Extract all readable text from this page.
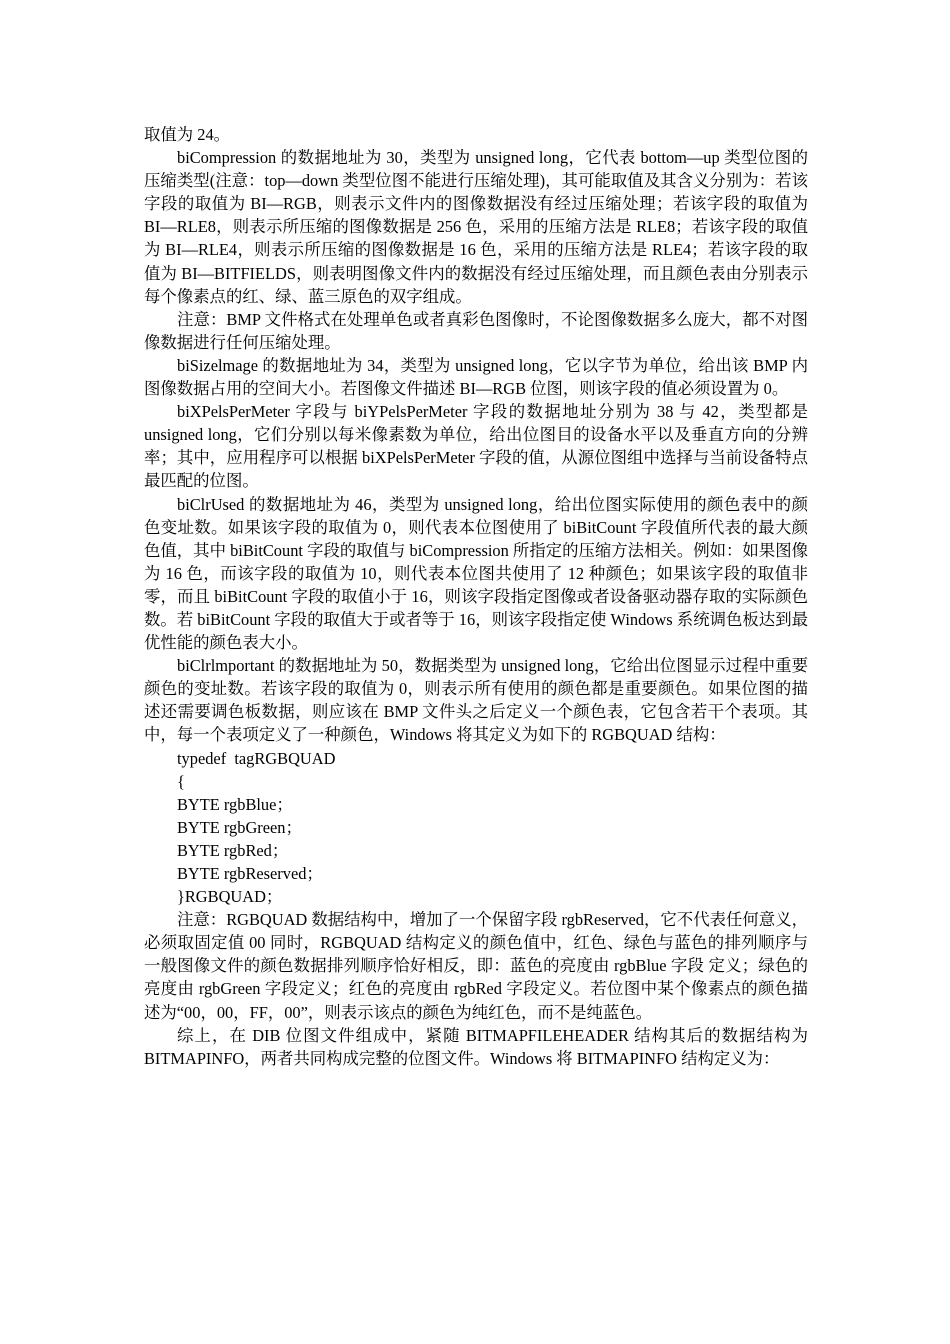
取值为 24。

biCompression 的数据地址为 30，类型为 unsigned long，它代表 bottom—up 类型位图的压缩类型(注意：top—down 类型位图不能进行压缩处理)，其可能取值及其含义分别为：若该字段的取值为 BI—RGB，则表示文件内的图像数据没有经过压缩处理；若该字段的取值为 BI—RLE8，则表示所压缩的图像数据是 256 色，采用的压缩方法是 RLE8；若该字段的取值为 BI—RLE4，则表示所压缩的图像数据是 16 色，采用的压缩方法是 RLE4；若该字段的取值为 BI—BITFIELDS，则表明图像文件内的数据没有经过压缩处理，而且颜色表由分别表示每个像素点的红、绿、蓝三原色的双字组成。

注意：BMP 文件格式在处理单色或者真彩色图像时，不论图像数据多么庞大，都不对图像数据进行任何压缩处理。

biSizelmage 的数据地址为 34，类型为 unsigned long，它以字节为单位，给出该 BMP 内图像数据占用的空间大小。若图像文件描述 BI—RGB 位图，则该字段的值必须设置为 0。

biXPelsPerMeter 字段与 biYPelsPerMeter 字段的数据地址分别为 38 与 42，类型都是 unsigned long，它们分别以每米像素数为单位，给出位图目的设备水平以及垂直方向的分辨率；其中，应用程序可以根据 biXPelsPerMeter 字段的值，从源位图组中选择与当前设备特点最匹配的位图。

biClrUsed 的数据地址为 46，类型为 unsigned long，给出位图实际使用的颜色表中的颜色变址数。如果该字段的取值为 0，则代表本位图使用了 biBitCount 字段值所代表的最大颜色值，其中 biBitCount 字段的取值与 biCompression 所指定的压缩方法相关。例如：如果图像为 16 色，而该字段的取值为 10，则代表本位图共使用了 12 种颜色；如果该字段的取值非零，而且 biBitCount 字段的取值小于 16，则该字段指定图像或者设备驱动器存取的实际颜色数。若 biBitCount 字段的取值大于或者等于 16，则该字段指定使 Windows 系统调色板达到最优性能的颜色表大小。

biClrlmportant 的数据地址为 50，数据类型为 unsigned long，它给出位图显示过程中重要颜色的变址数。若该字段的取值为 0，则表示所有使用的颜色都是重要颜色。如果位图的描述还需要调色板数据，则应该在 BMP 文件头之后定义一个颜色表，它包含若干个表项。其中，每一个表项定义了一种颜色，Windows 将其定义为如下的 RGBQUAD 结构：

typedef  tagRGBQUAD

{

BYTE rgbBlue；

BYTE rgbGreen；

BYTE rgbRed；

BYTE rgbReserved；

}RGBQUAD；

注意：RGBQUAD 数据结构中，增加了一个保留字段 rgbReserved，它不代表任何意义，必须取固定值 00 同时，RGBQUAD 结构定义的颜色值中，红色、绿色与蓝色的排列顺序与一般图像文件的颜色数据排列顺序恰好相反，即：蓝色的亮度由 rgbBlue 字段 定义；绿色的亮度由 rgbGreen 字段定义；红色的亮度由 rgbRed 字段定义。若位图中某个像素点的颜色描述为“00，00，FF，00”，则表示该点的颜色为纯红色，而不是纯蓝色。

综上，在 DIB 位图文件组成中，紧随 BITMAPFILEHEADER 结构其后的数据结构为 BITMAPINFO，两者共同构成完整的位图文件。Windows 将 BITMAPINFO 结构定义为：
